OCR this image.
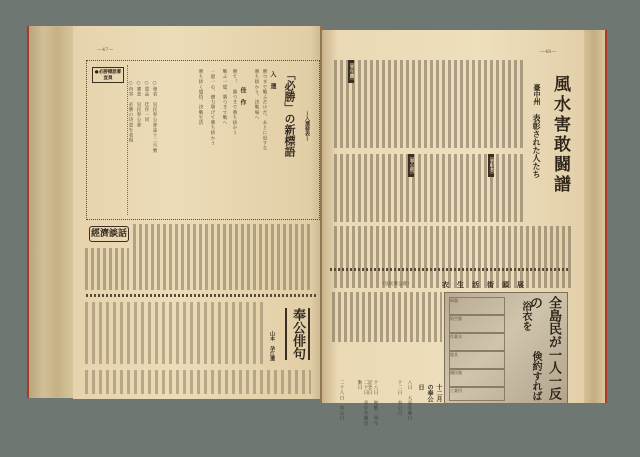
—47—
「必勝」の新標語 —入選發表—
入　選
佳　作	勝つまで戰ふだけだ、あとに退すな
勝ち抜かう、決戰場へ
勝て！　勝つまで勝ち抜かう
戰ふ一億、勝つまで戰へ
一億一心、總力擧げて勝ち抜かう
勝ち抜く覺悟、決戰生活
●必勝標語審査員
○內容　必勝の決意を表現 ○審査　皇民奉公會 ○賞品　佳作一同 ○發表　皇民奉公會誌十二月號
經濟談話
奉公俳句
山本　孕江選
—48—
風水害敢闘譜
臺中州
表彰された人たち
〔表彰者〕
〔奉公班〕
〔青年團〕
衣生活街頭展
（皇民奉公會）
十二月の奉公日
八日　大詔奉戴日
十二日　奉公日
十八日　聖戰二周年記念日
二十日　青少年團活動日
二十八日　奉公日
軍服
防空服
作業衣
寝具
國民服
工業用	全島民が一人一反の
浴衣を
倹約すれば
